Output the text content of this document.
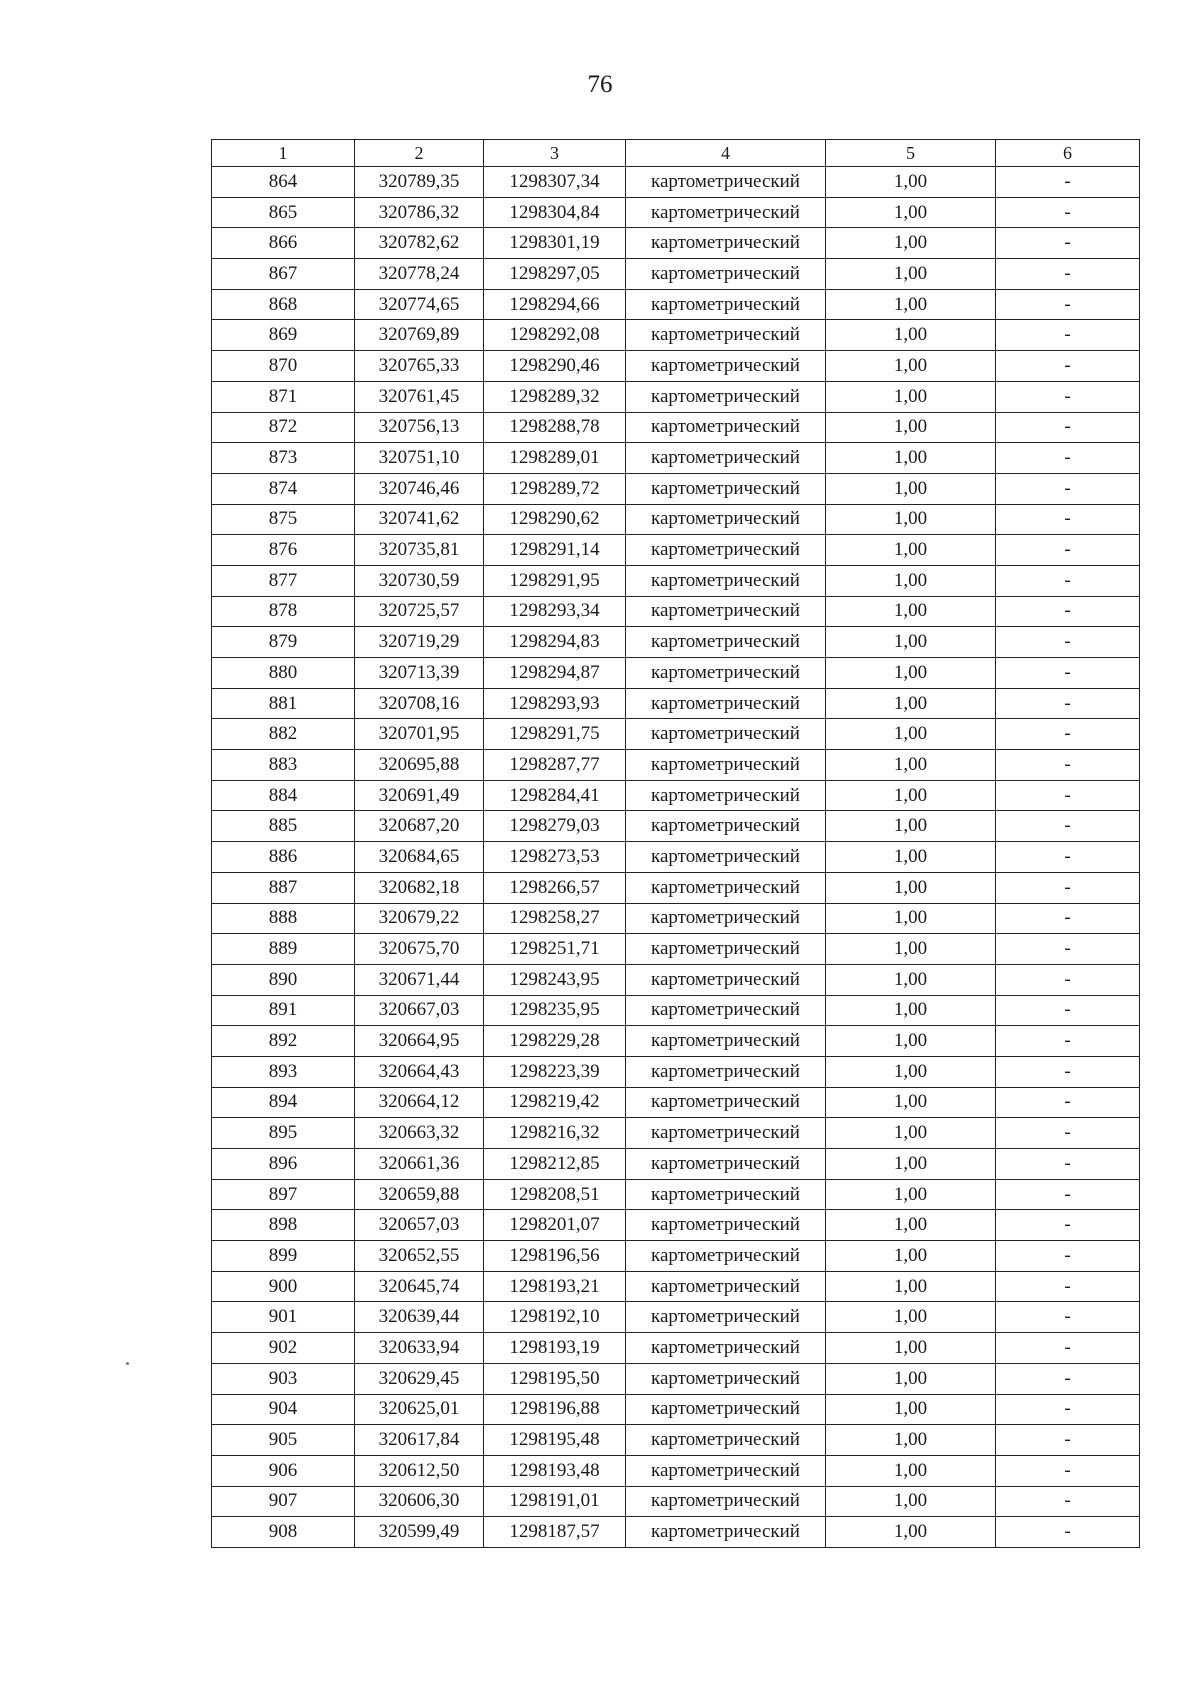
76
1	2	3	4	5	6
864	320789,35	1298307,34	картометрический	1,00	-
865	320786,32	1298304,84	картометрический	1,00	-
866	320782,62	1298301,19	картометрический	1,00	-
867	320778,24	1298297,05	картометрический	1,00	-
868	320774,65	1298294,66	картометрический	1,00	-
869	320769,89	1298292,08	картометрический	1,00	-
870	320765,33	1298290,46	картометрический	1,00	-
871	320761,45	1298289,32	картометрический	1,00	-
872	320756,13	1298288,78	картометрический	1,00	-
873	320751,10	1298289,01	картометрический	1,00	-
874	320746,46	1298289,72	картометрический	1,00	-
875	320741,62	1298290,62	картометрический	1,00	-
876	320735,81	1298291,14	картометрический	1,00	-
877	320730,59	1298291,95	картометрический	1,00	-
878	320725,57	1298293,34	картометрический	1,00	-
879	320719,29	1298294,83	картометрический	1,00	-
880	320713,39	1298294,87	картометрический	1,00	-
881	320708,16	1298293,93	картометрический	1,00	-
882	320701,95	1298291,75	картометрический	1,00	-
883	320695,88	1298287,77	картометрический	1,00	-
884	320691,49	1298284,41	картометрический	1,00	-
885	320687,20	1298279,03	картометрический	1,00	-
886	320684,65	1298273,53	картометрический	1,00	-
887	320682,18	1298266,57	картометрический	1,00	-
888	320679,22	1298258,27	картометрический	1,00	-
889	320675,70	1298251,71	картометрический	1,00	-
890	320671,44	1298243,95	картометрический	1,00	-
891	320667,03	1298235,95	картометрический	1,00	-
892	320664,95	1298229,28	картометрический	1,00	-
893	320664,43	1298223,39	картометрический	1,00	-
894	320664,12	1298219,42	картометрический	1,00	-
895	320663,32	1298216,32	картометрический	1,00	-
896	320661,36	1298212,85	картометрический	1,00	-
897	320659,88	1298208,51	картометрический	1,00	-
898	320657,03	1298201,07	картометрический	1,00	-
899	320652,55	1298196,56	картометрический	1,00	-
900	320645,74	1298193,21	картометрический	1,00	-
901	320639,44	1298192,10	картометрический	1,00	-
902	320633,94	1298193,19	картометрический	1,00	-
903	320629,45	1298195,50	картометрический	1,00	-
904	320625,01	1298196,88	картометрический	1,00	-
905	320617,84	1298195,48	картометрический	1,00	-
906	320612,50	1298193,48	картометрический	1,00	-
907	320606,30	1298191,01	картометрический	1,00	-
908	320599,49	1298187,57	картометрический	1,00	-
